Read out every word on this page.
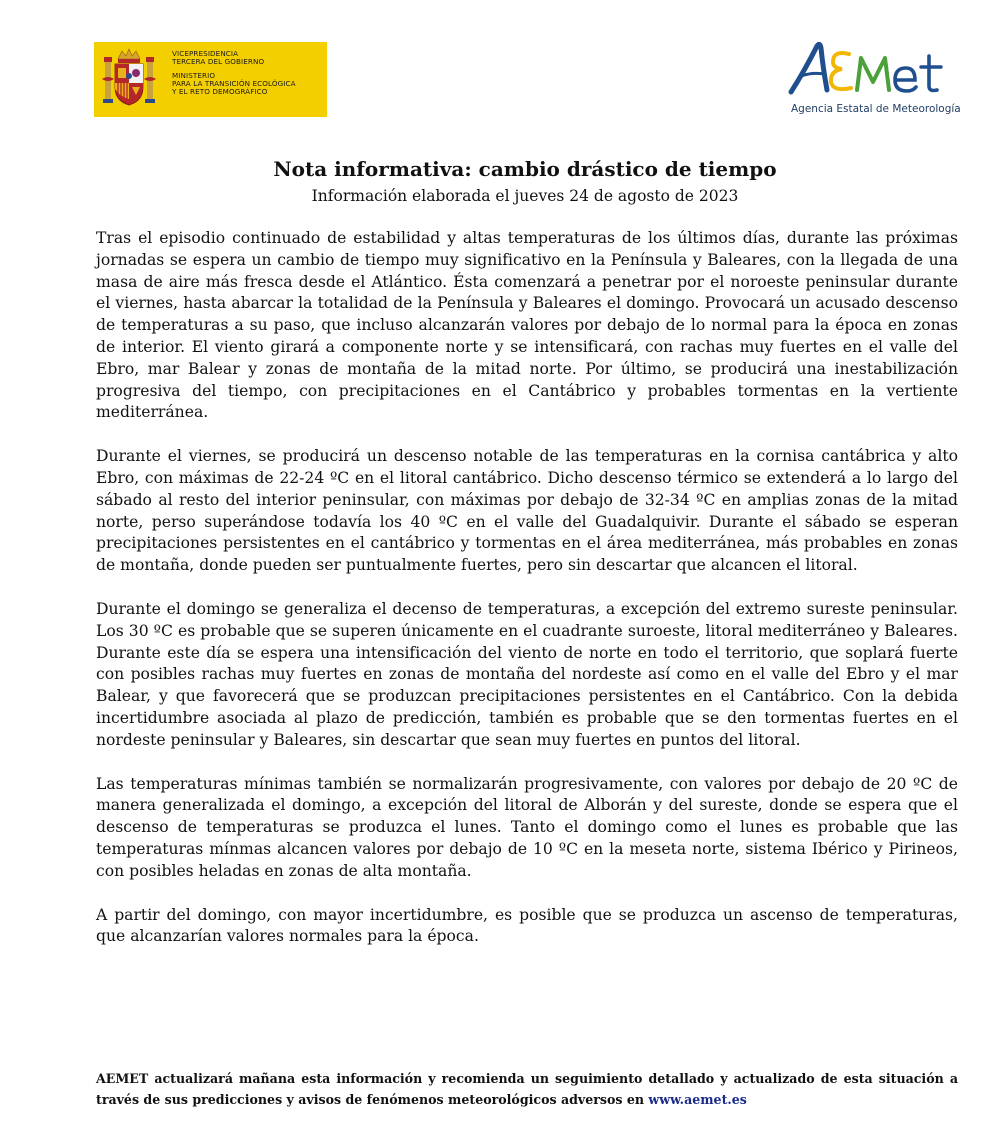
VICEPRESIDENCIA
TERCERA DEL GOBIERNO
MINISTERIO
PARA LA TRANSICIÓN ECOLÓGICA
Y EL RETO DEMOGRÁFICO
Agencia Estatal de Meteorología
Nota informativa: cambio drástico de tiempo

Información elaborada el jueves 24 de agosto de 2023

Tras el episodio continuado de estabilidad y altas temperaturas de los últimos días, durante las próximas jornadas se espera un cambio de tiempo muy significativo en la Península y Baleares, con la llegada de una masa de aire más fresca desde el Atlántico. Ésta comenzará a penetrar por el noroeste peninsular durante el viernes, hasta abarcar la totalidad de la Península y Baleares el domingo. Provocará un acusado descenso de temperaturas a su paso, que incluso alcanzarán valores por debajo de lo normal para la época en zonas de interior. El viento girará a componente norte y se intensificará, con rachas muy fuertes en el valle del Ebro, mar Balear y zonas de montaña de la mitad norte. Por último, se producirá una inestabilización progresiva del tiempo, con precipitaciones en el Cantábrico y probables tormentas en la vertiente mediterránea.

Durante el viernes, se producirá un descenso notable de las temperaturas en la cornisa cantábrica y alto Ebro, con máximas de 22-24 ºC en el litoral cantábrico. Dicho descenso térmico se extenderá a lo largo del sábado al resto del interior peninsular, con máximas por debajo de 32-34 ºC en amplias zonas de la mitad norte, perso superándose todavía los 40 ºC en el valle del Guadalquivir. Durante el sábado se esperan precipitaciones persistentes en el cantábrico y tormentas en el área mediterránea, más probables en zonas de montaña, donde pueden ser puntualmente fuertes, pero sin descartar que alcancen el litoral.

Durante el domingo se generaliza el decenso de temperaturas, a excepción del extremo sureste peninsular. Los 30 ºC es probable que se superen únicamente en el cuadrante suroeste, litoral mediterráneo y Baleares. Durante este día se espera una intensificación del viento de norte en todo el territorio, que soplará fuerte con posibles rachas muy fuertes en zonas de montaña del nordeste así como en el valle del Ebro y el mar Balear, y que favorecerá que se produzcan precipitaciones persistentes en el Cantábrico. Con la debida incertidumbre asociada al plazo de predicción, también es probable que se den tormentas fuertes en el nordeste peninsular y Baleares, sin descartar que sean muy fuertes en puntos del litoral.

Las temperaturas mínimas también se normalizarán progresivamente, con valores por debajo de 20 ºC de manera generalizada el domingo, a excepción del litoral de Alborán y del sureste, donde se espera que el descenso de temperaturas se produzca el lunes. Tanto el domingo como el lunes es probable que las temperaturas mínmas alcancen valores por debajo de 10 ºC en la meseta norte, sistema Ibérico y Pirineos, con posibles heladas en zonas de alta montaña.

A partir del domingo, con mayor incertidumbre, es posible que se produzca un ascenso de temperaturas, que alcanzarían valores normales para la época.

AEMET actualizará mañana esta información y recomienda un seguimiento detallado y actualizado de esta situación a través de sus predicciones y avisos de fenómenos meteorológicos adversos en www.aemet.es
